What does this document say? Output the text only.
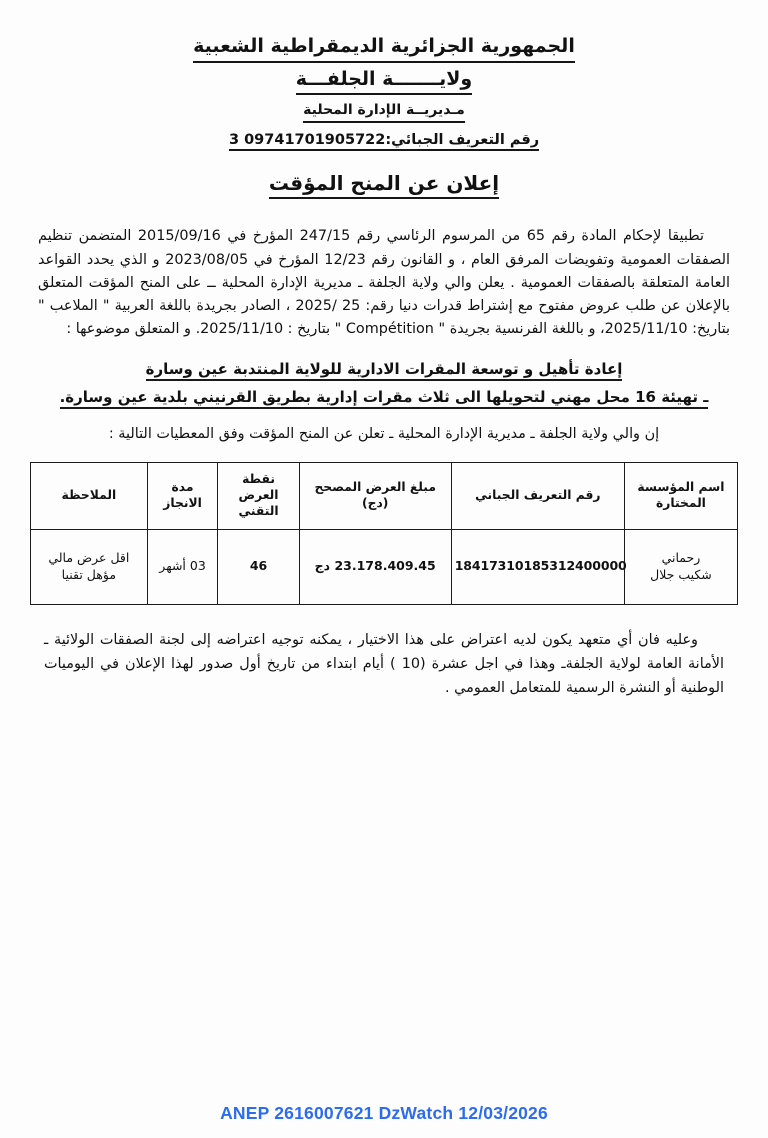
الجمهورية الجزائرية الديمقراطية الشعبية
ولايـــــــة الجلفـــة
مـديريــة الإدارة المحلية
رقم التعريف الجبائي:09741701905722 3
إعلان عن المنح المؤقت

تطبيقا لإحكام المادة رقم 65 من المرسوم الرئاسي رقم 247/15 المؤرخ في 2015/09/16 المتضمن تنظيم الصفقات العمومية وتفويضات المرفق العام ، و القانون رقم 12/23 المؤرخ في 2023/08/05 و الذي يحدد القواعد العامة المتعلقة بالصفقات العمومية . يعلن والي ولاية الجلفة ـ مديرية الإدارة المحلية ــ على المنح المؤقت المتعلق بالإعلان عن طلب عروض مفتوح مع إشتراط قدرات دنيا رقم: 25 /2025 ، الصادر بجريدة باللغة العربية " الملاعب " بتاريخ: 2025/11/10، و باللغة الفرنسية بجريدة " Compétition " بتاريخ : 2025/11/10. و المتعلق موضوعها :

إعادة تأهيل و توسعة المقرات الادارية للولاية المنتدبة عين وسارة
ـ تهيئة 16 محل مهني لتحويلها الى ثلاث مقرات إدارية بطريق القرنيني بلدية عين وسارة.

إن والي ولاية الجلفة ـ مديرية الإدارة المحلية ـ تعلن عن المنح المؤقت وفق المعطيات التالية :

اسم المؤسسة المختارة	رقم التعريف الجباني	مبلغ العرض المصحح (دج)	نقطة العرض التقني	مدة الانجاز	الملاحظة

رحماني
شكيب جلال	18417310185312400000	23.178.409.45 دج	46	03 أشهر	اقل عرض مالي مؤهل تقنيا

وعليه فان أي متعهد يكون لديه اعتراض على هذا الاختيار ، يمكنه توجيه اعتراضه إلى لجنة الصفقات الولائية ـ الأمانة العامة لولاية الجلفةـ وهذا في اجل عشرة (10 ) أيام ابتداء من تاريخ أول صدور لهذا الإعلان في اليوميات الوطنية أو النشرة الرسمية للمتعامل العمومي .

ANEP 2616007621 DzWatch 12/03/2026
